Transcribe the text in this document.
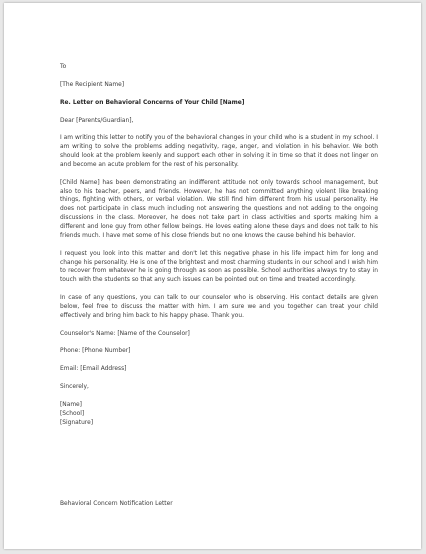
To

[The Recipient Name]

Re. Letter on Behavioral Concerns of Your Child [Name]

Dear [Parents/Guardian],

I am writing this letter to notify you of the behavioral changes in your child who is a student in my school. I am writing to solve the problems adding negativity, rage, anger, and violation in his behavior. We both should look at the problem keenly and support each other in solving it in time so that it does not linger on and become an acute problem for the rest of his personality.

[Child Name] has been demonstrating an indifferent attitude not only towards school management, but also to his teacher, peers, and friends. However, he has not committed anything violent like breaking things, fighting with others, or verbal violation. We still find him different from his usual personality. He does not participate in class much including not answering the questions and not adding to the ongoing discussions in the class. Moreover, he does not take part in class activities and sports making him a different and lone guy from other fellow beings. He loves eating alone these days and does not talk to his friends much. I have met some of his close friends but no one knows the cause behind his behavior.

I request you look into this matter and don't let this negative phase in his life impact him for long and change his personality. He is one of the brightest and most charming students in our school and I wish him to recover from whatever he is going through as soon as possible. School authorities always try to stay in touch with the students so that any such issues can be pointed out on time and treated accordingly.

In case of any questions, you can talk to our counselor who is observing. His contact details are given below, feel free to discuss the matter with him. I am sure we and you together can treat your child effectively and bring him back to his happy phase. Thank you.

Counselor's Name: [Name of the Counselor]

Phone: [Phone Number]

Email: [Email Address]

Sincerely,

[Name]

[School]

[Signature]

Behavioral Concern Notification Letter
